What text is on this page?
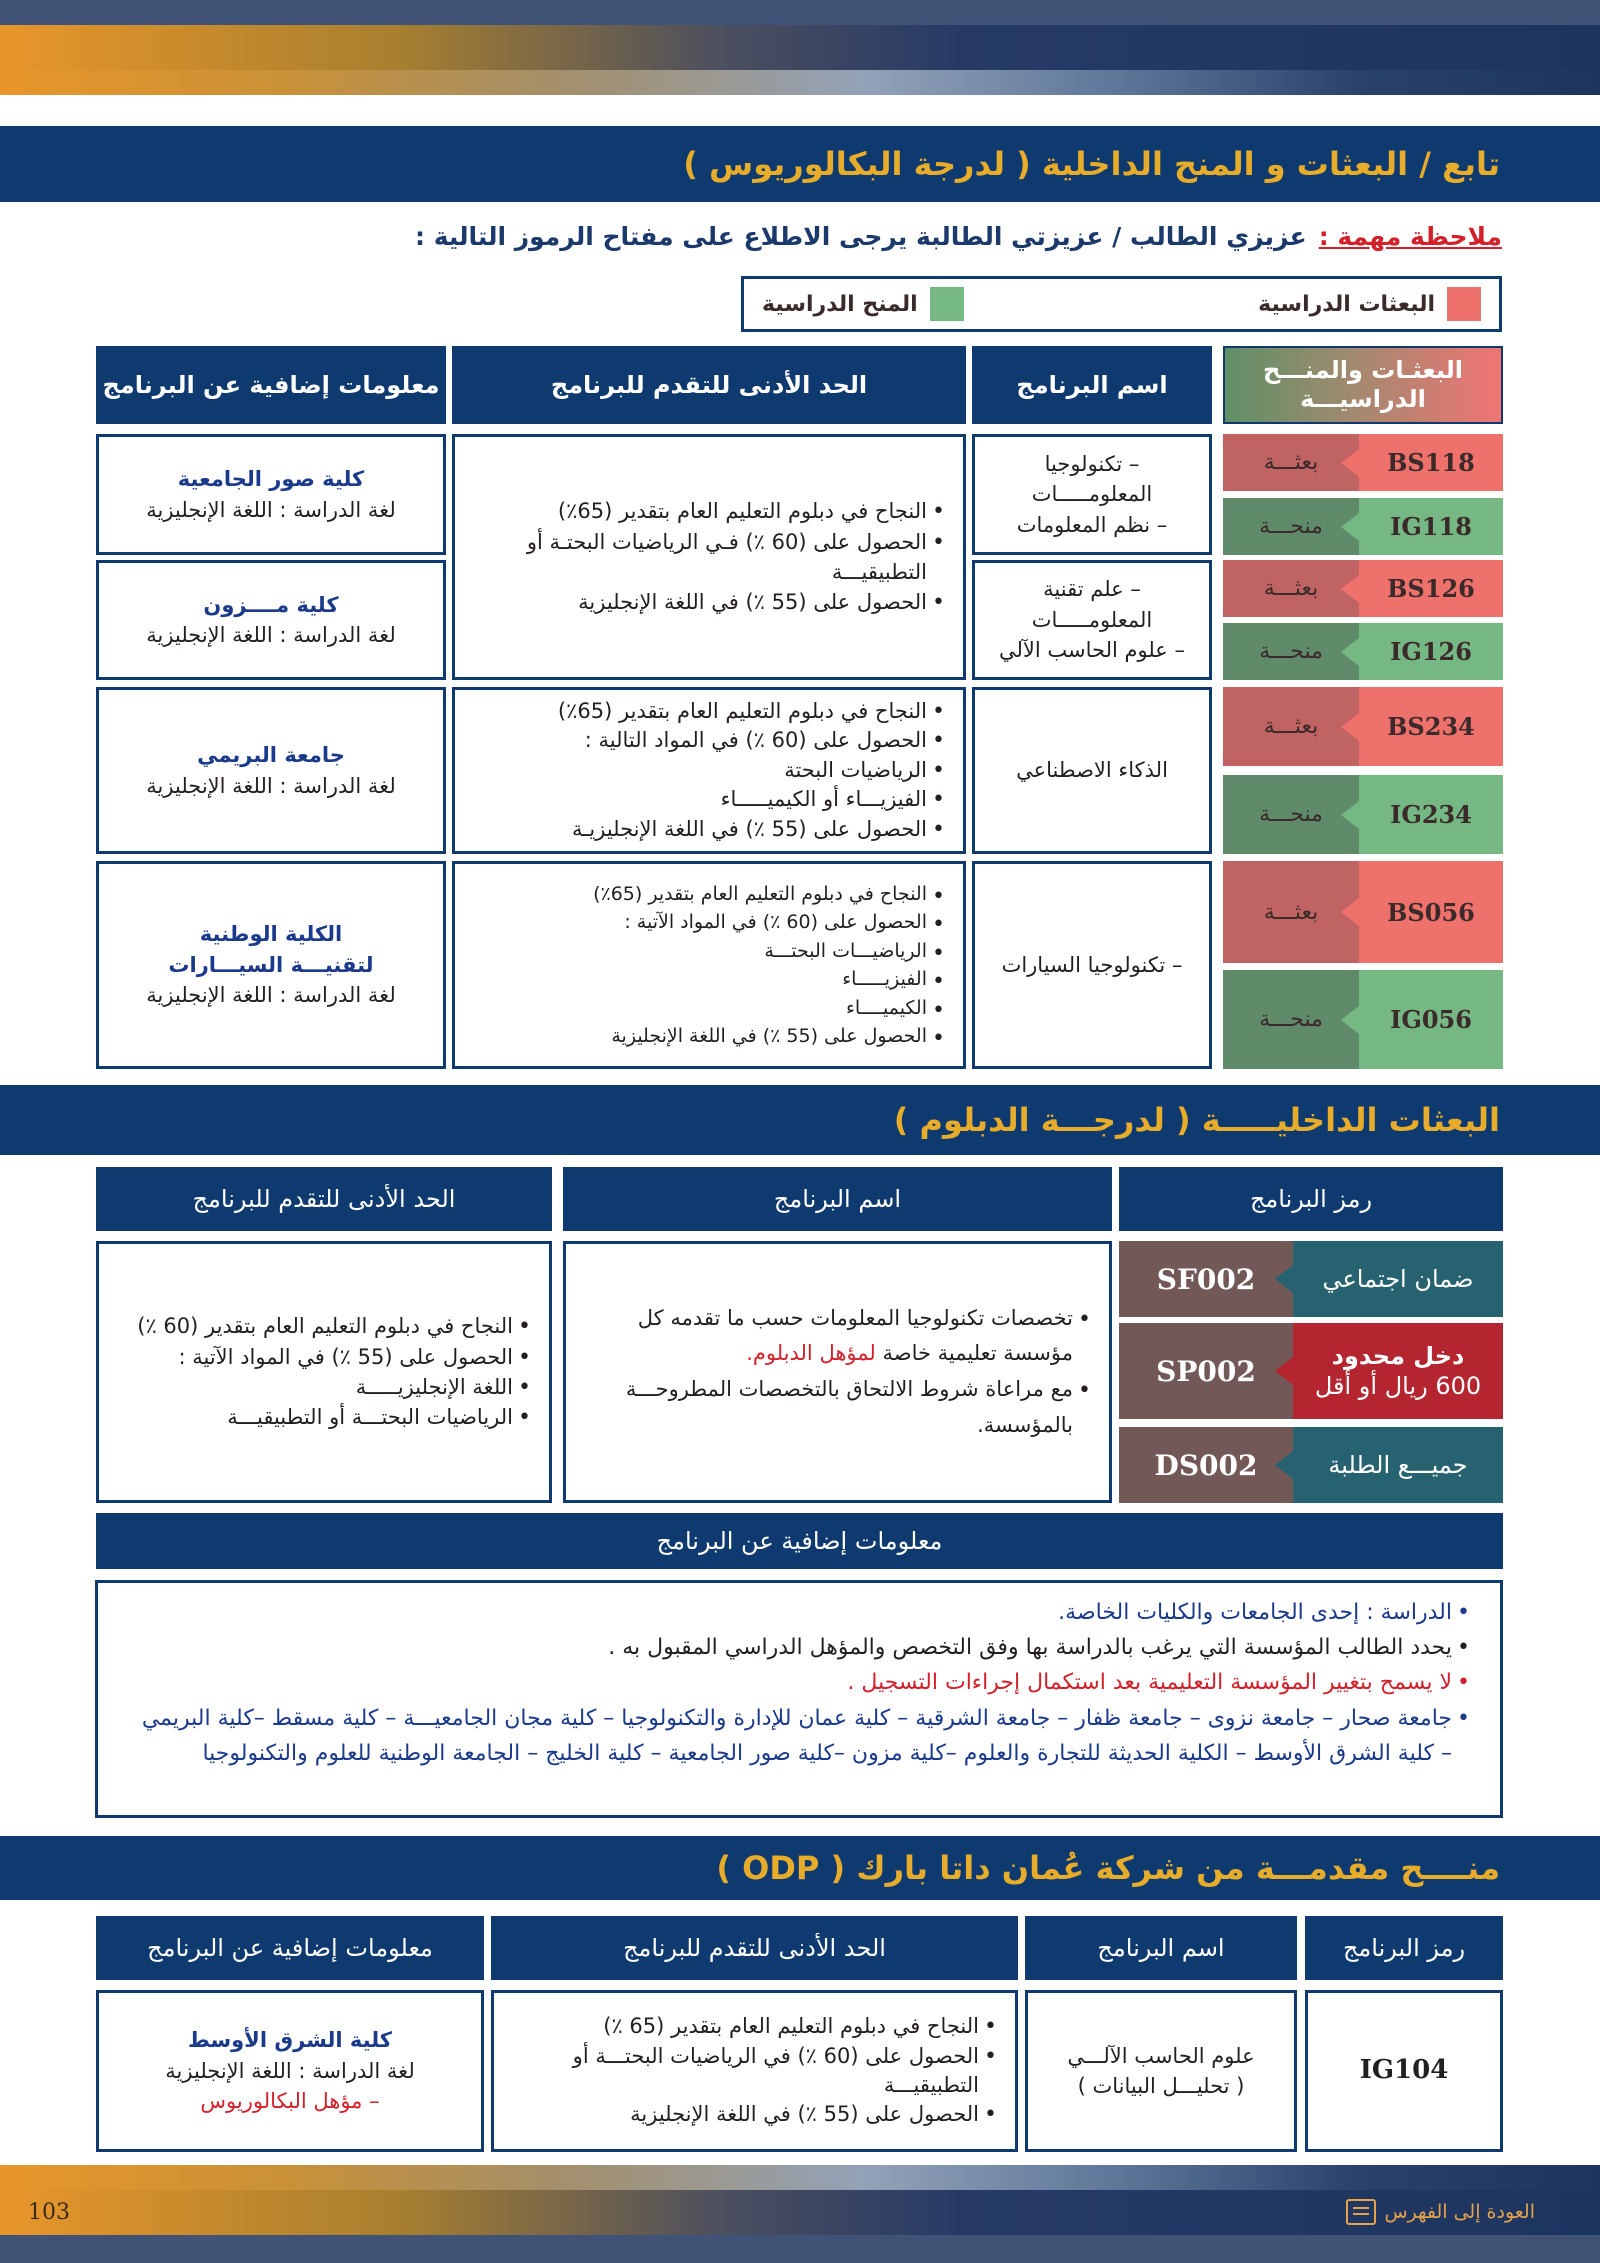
تابع / البعثات و المنح الداخلية ( لدرجة البكالوريوس )
ملاحظة مهمة :
عزيزي الطالب / عزيزتي الطالبة يرجى الاطلاع على مفتاح الرموز التالية :
البعثات الدراسية
المنح الدراسية
البعثـات والمنـــح الدراسيـــة
اسم البرنامج
الحد الأدنى للتقدم للبرنامج
معلومات إضافية عن البرنامج
BS118
بعثـــة
IG118
منحـــة
BS126
بعثـــة
IG126
منحـــة
BS234
بعثـــة
IG234
منحـــة
BS056
بعثـــة
IG056
منحـــة
– تكنولوجيا
المعلومـــــات
– نظم المعلومات
– علم تقنية
المعلومـــــات
– علوم الحاسب الآلي
الذكاء الاصطناعي
– تكنولوجيا السيارات
• النجاح في دبلوم التعليم العام بتقدير (65٪)
• الحصول على (60 ٪) فـي الرياضيات البحتـة أو التطبيقيـــة
• الحصول على (55 ٪) في اللغة الإنجليزية
• النجاح في دبلوم التعليم العام بتقدير (65٪)
• الحصول على (60 ٪) في المواد التالية :
• الرياضيات البحتة
• الفيزيـــاء أو الكيميـــــاء
• الحصول على (55 ٪) في اللغة الإنجليزيـة
• النجاح في دبلوم التعليم العام بتقدير (65٪)
• الحصول على (60 ٪) في المواد الآتية :
• الرياضيـــات البحتـــة
• الفيزيـــــاء
• الكيميــــاء
• الحصول على (55 ٪) في اللغة الإنجليزية
كلية صور الجامعية
لغة الدراسة : اللغة الإنجليزية
كلية مــــزون
لغة الدراسة : اللغة الإنجليزية
جامعة البريمي
لغة الدراسة : اللغة الإنجليزية
الكلية الوطنية لتقنيـــة السيـــارات
لغة الدراسة : اللغة الإنجليزية
البعثات الداخليـــــة ( لدرجـــة الدبلوم )
رمز البرنامج
اسم البرنامج
الحد الأدنى للتقدم للبرنامج
ضمان اجتماعي
SF002
دخل محدود
600 ريال أو أقل
SP002
جميـــع الطلبة
DS002
• تخصصات تكنولوجيا المعلومات حسب ما تقدمه كل مؤسسة تعليمية خاصة لمؤهل الدبلوم.
• مع مراعاة شروط الالتحاق بالتخصصات المطروحـــة بالمؤسسة.
• النجاح في دبلوم التعليم العام بتقدير (60 ٪)
• الحصول على (55 ٪) في المواد الآتية :
• اللغة الإنجليزيـــــة
• الرياضيات البحتـــة أو التطبيقيـــة
معلومات إضافية عن البرنامج
• الدراسة : إحدى الجامعات والكليات الخاصة.
• يحدد الطالب المؤسسة التي يرغب بالدراسة بها وفق التخصص والمؤهل الدراسي المقبول به .
• لا يسمح بتغيير المؤسسة التعليمية بعد استكمال إجراءات التسجيل .
• جامعة صحار – جامعة نزوى – جامعة ظفار – جامعة الشرقية – كلية عمان للإدارة والتكنولوجيا – كلية مجان الجامعيـــة – كلية مسقط –كلية البريمي – كلية الشرق الأوسط – الكلية الحديثة للتجارة والعلوم –كلية مزون –كلية صور الجامعية – كلية الخليج – الجامعة الوطنية للعلوم والتكنولوجيا
منــــح مقدمـــة من شركة عُمان داتا بارك ( ODP )
رمز البرنامج
اسم البرنامج
الحد الأدنى للتقدم للبرنامج
معلومات إضافية عن البرنامج
IG104
علوم الحاسب الآلـــي
( تحليـــل البيانات )
• النجاح في دبلوم التعليم العام بتقدير (65 ٪)
• الحصول على (60 ٪) في الرياضيات البحتـــة أو التطبيقيـــة
• الحصول على (55 ٪) في اللغة الإنجليزية
كلية الشرق الأوسط
لغة الدراسة : اللغة الإنجليزية
– مؤهل البكالوريوس
103	العودة إلى الفهرس
